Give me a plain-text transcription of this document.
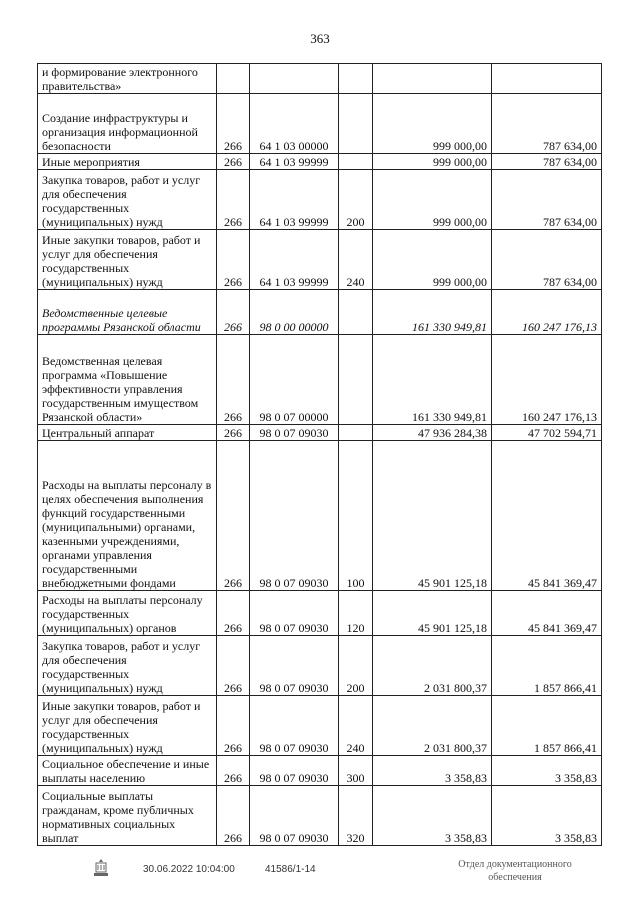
363
и формирование электронного правительства»					
Создание инфраструктуры и организация информационной безопасности	266	64 1 03 00000		999 000,00	787 634,00
Иные мероприятия	266	64 1 03 99999		999 000,00	787 634,00
Закупка товаров, работ и услуг для обеспечения государственных (муниципальных) нужд	266	64 1 03 99999	200	999 000,00	787 634,00
Иные закупки товаров, работ и услуг для обеспечения государственных (муниципальных) нужд	266	64 1 03 99999	240	999 000,00	787 634,00
Ведомственные целевые программы Рязанской области	266	98 0 00 00000		161 330 949,81	160 247 176,13
Ведомственная целевая программа «Повышение эффективности управления государственным имуществом Рязанской области»	266	98 0 07 00000		161 330 949,81	160 247 176,13
Центральный аппарат	266	98 0 07 09030		47 936 284,38	47 702 594,71
Расходы на выплаты персоналу в целях обеспечения выполнения функций государственными (муниципальными) органами, казенными учреждениями, органами управления государственными внебюджетными фондами	266	98 0 07 09030	100	45 901 125,18	45 841 369,47
Расходы на выплаты персоналу государственных (муниципальных) органов	266	98 0 07 09030	120	45 901 125,18	45 841 369,47
Закупка товаров, работ и услуг для обеспечения государственных (муниципальных) нужд	266	98 0 07 09030	200	2 031 800,37	1 857 866,41
Иные закупки товаров, работ и услуг для обеспечения государственных (муниципальных) нужд	266	98 0 07 09030	240	2 031 800,37	1 857 866,41
Социальное обеспечение и иные выплаты населению	266	98 0 07 09030	300	3 358,83	3 358,83
Социальные выплаты гражданам, кроме публичных нормативных социальных выплат	266	98 0 07 09030	320	3 358,83	3 358,83
30.06.2022 10:04:00	41586/1-14	Отдел документационного
обеспечения
